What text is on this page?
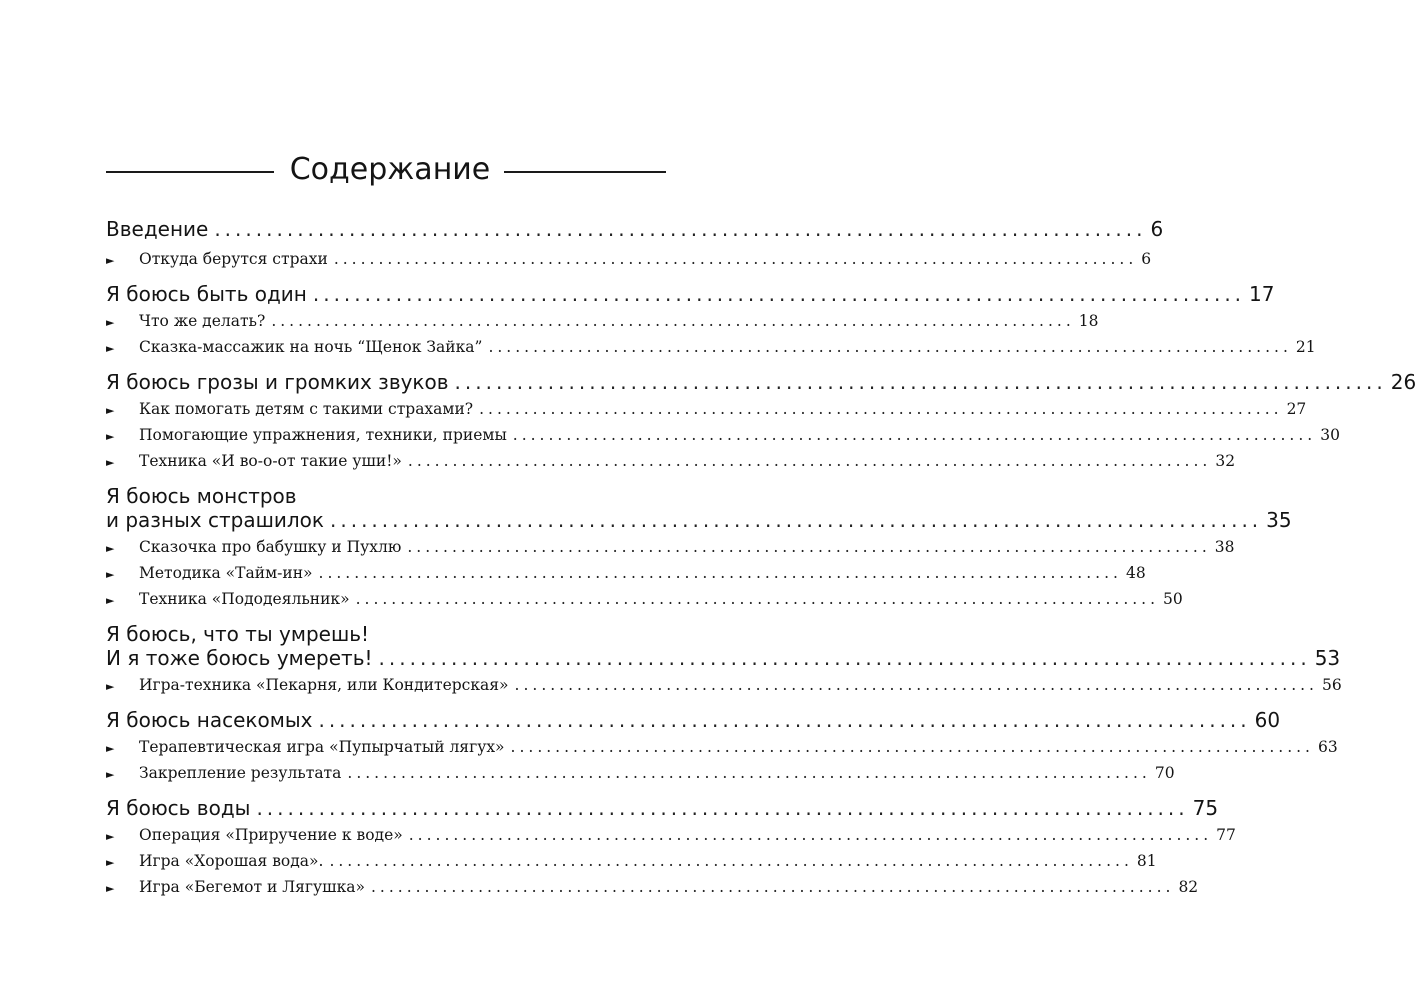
Содержание
Введение .......................................................................................... 6
►	Откуда берутся страхи .......................................................................................... 6
Я боюсь быть один .......................................................................................... 17
►	Что же делать? .......................................................................................... 18
►	Сказка-массажик на ночь “Щенок Зайка” .......................................................................................... 21
Я боюсь грозы и громких звуков .......................................................................................... 26
►	Как помогать детям с такими страхами? .......................................................................................... 27
►	Помогающие упражнения, техники, приемы .......................................................................................... 30
►	Техника «И во-о-от такие уши!» .......................................................................................... 32
Я боюсь монстров
и разных страшилок .......................................................................................... 35
►	Сказочка про бабушку и Пухлю .......................................................................................... 38
►	Методика «Тайм-ин» .......................................................................................... 48
►	Техника «Пододеяльник» .......................................................................................... 50
Я боюсь, что ты умрешь!
И я тоже боюсь умереть! .......................................................................................... 53
►	Игра-техника «Пекарня, или Кондитерская» .......................................................................................... 56
Я боюсь насекомых .......................................................................................... 60
►	Терапевтическая игра «Пупырчатый лягух» .......................................................................................... 63
►	Закрепление результата .......................................................................................... 70
Я боюсь воды .......................................................................................... 75
►	Операция «Приручение к воде» .......................................................................................... 77
►	Игра «Хорошая вода». .......................................................................................... 81
►	Игра «Бегемот и Лягушка» .......................................................................................... 82
